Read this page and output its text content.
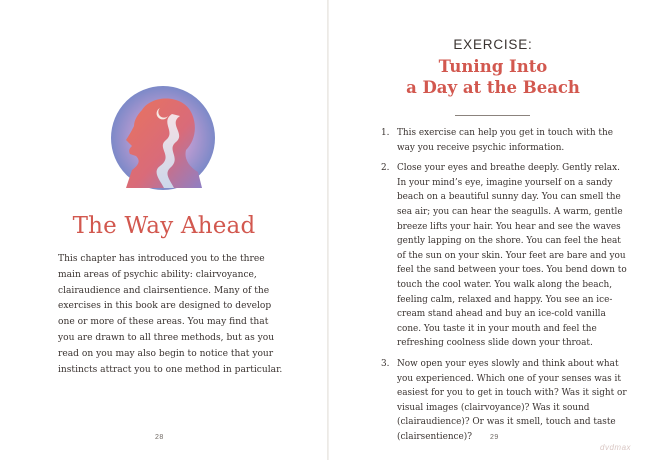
The Way Ahead

This chapter has introduced you to the three main areas of psychic ability: clairvoyance, clairaudience and clairsentience. Many of the exercises in this book are designed to develop one or more of these areas. You may find that you are drawn to all three methods, but as you read on you may also begin to notice that your instincts attract you to one method in particular.

28
EXERCISE:
Tuning Into
a Day at the Beach
1. This exercise can help you get in touch with the way you receive psychic information.
2. Close your eyes and breathe deeply. Gently relax. In your mind’s eye, imagine yourself on a sandy beach on a beautiful sunny day. You can smell the sea air; you can hear the seagulls. A warm, gentle breeze lifts your hair. You hear and see the waves gently lapping on the shore. You can feel the heat of the sun on your skin. Your feet are bare and you feel the sand between your toes. You bend down to touch the cool water. You walk along the beach, feeling calm, relaxed and happy. You see an ice-cream stand ahead and buy an ice-cold vanilla cone. You taste it in your mouth and feel the refreshing coolness slide down your throat.
3. Now open your eyes slowly and think about what you experienced. Which one of your senses was it easiest for you to get in touch with? Was it sight or visual images (clairvoyance)? Was it sound (clairaudience)? Or was it smell, touch and taste (clairsentience)?	29
dvdmax
